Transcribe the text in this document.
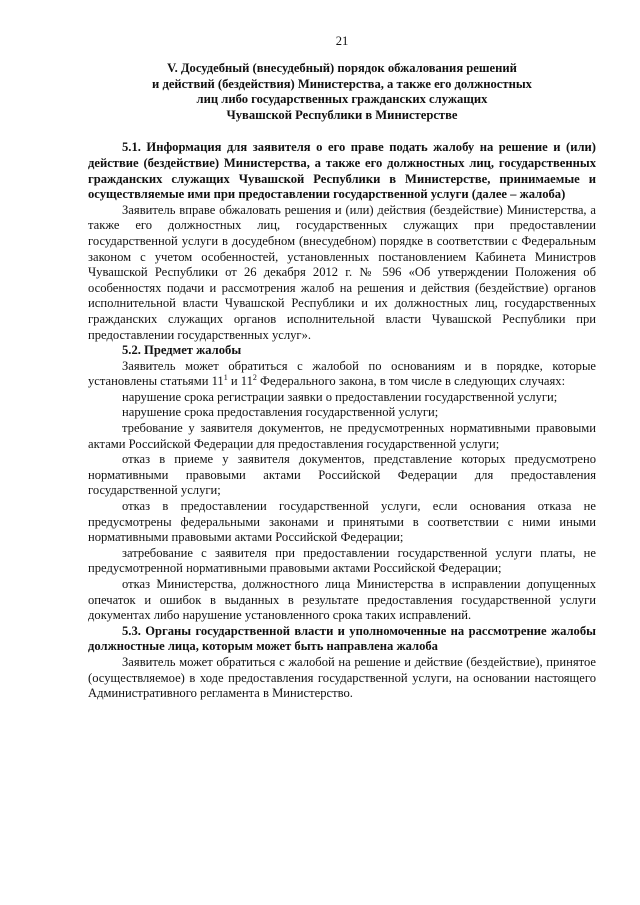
21
V. Досудебный (внесудебный) порядок обжалования решений
и действий (бездействия) Министерства, а также его должностных
лиц либо государственных гражданских служащих
Чувашской Республики в Министерстве

5.1. Информация для заявителя о его праве подать жалобу на решение и (или) действие (бездействие) Министерства, а также его должностных лиц, государственных гражданских служащих Чувашской Республики в Министерстве, принимаемые и осуществляемые ими при предоставлении государственной услуги (далее – жалоба)

Заявитель вправе обжаловать решения и (или) действия (бездействие) Министерства, а также его должностных лиц, государственных служащих при предоставлении государственной услуги в досудебном (внесудебном) порядке в соответствии с Федеральным законом с учетом особенностей, установленных постановлением Кабинета Министров Чувашской Республики от 26 декабря 2012 г. № 596 «Об утверждении Положения об особенностях подачи и рассмотрения жалоб на решения и действия (бездействие) органов исполнительной власти Чувашской Республики и их должностных лиц, государственных гражданских служащих органов исполнительной власти Чувашской Республики при предоставлении государственных услуг».

5.2. Предмет жалобы

Заявитель может обратиться с жалобой по основаниям и в порядке, которые установлены статьями $11^1$ и $11^2$ Федерального закона, в том числе в следующих случаях:

нарушение срока регистрации заявки о предоставлении государственной услуги;

нарушение срока предоставления государственной услуги;

требование у заявителя документов, не предусмотренных нормативными правовыми актами Российской Федерации для предоставления государственной услуги;

отказ в приеме у заявителя документов, представление которых предусмотрено нормативными правовыми актами Российской Федерации для предоставления государственной услуги;

отказ в предоставлении государственной услуги, если основания отказа не предусмотрены федеральными законами и принятыми в соответствии с ними иными нормативными правовыми актами Российской Федерации;

затребование с заявителя при предоставлении государственной услуги платы, не предусмотренной нормативными правовыми актами Российской Федерации;

отказ Министерства, должностного лица Министерства в исправлении допущенных опечаток и ошибок в выданных в результате предоставления государственной услуги документах либо нарушение установленного срока таких исправлений.

5.3. Органы государственной власти и уполномоченные на рассмотрение жалобы должностные лица, которым может быть направлена жалоба

Заявитель может обратиться с жалобой на решение и действие (бездействие), принятое (осуществляемое) в ходе предоставления государственной услуги, на основании настоящего Административного регламента в Министерство.
